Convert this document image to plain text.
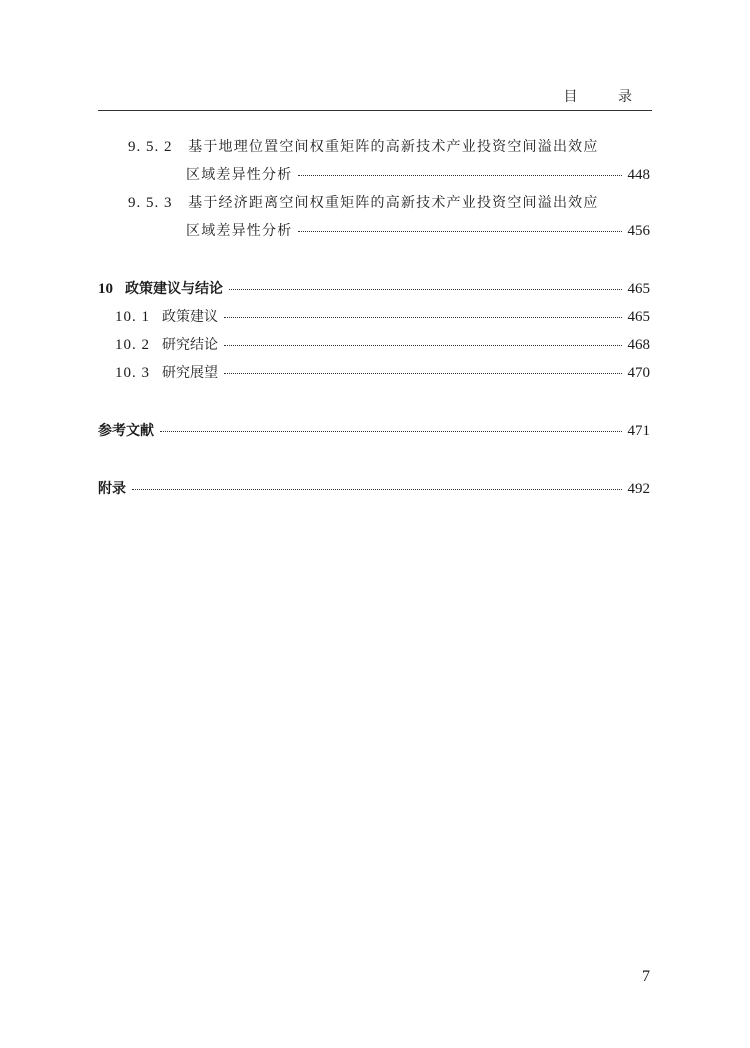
目 录
9. 5. 2 基于地理位置空间权重矩阵的高新技术产业投资空间溢出效应
区域差异性分析	448
9. 5. 3 基于经济距离空间权重矩阵的高新技术产业投资空间溢出效应
区域差异性分析	456
10 政策建议与结论	465
10. 1 政策建议	465
10. 2 研究结论	468
10. 3 研究展望	470
参考文献	471
附录	492
7
